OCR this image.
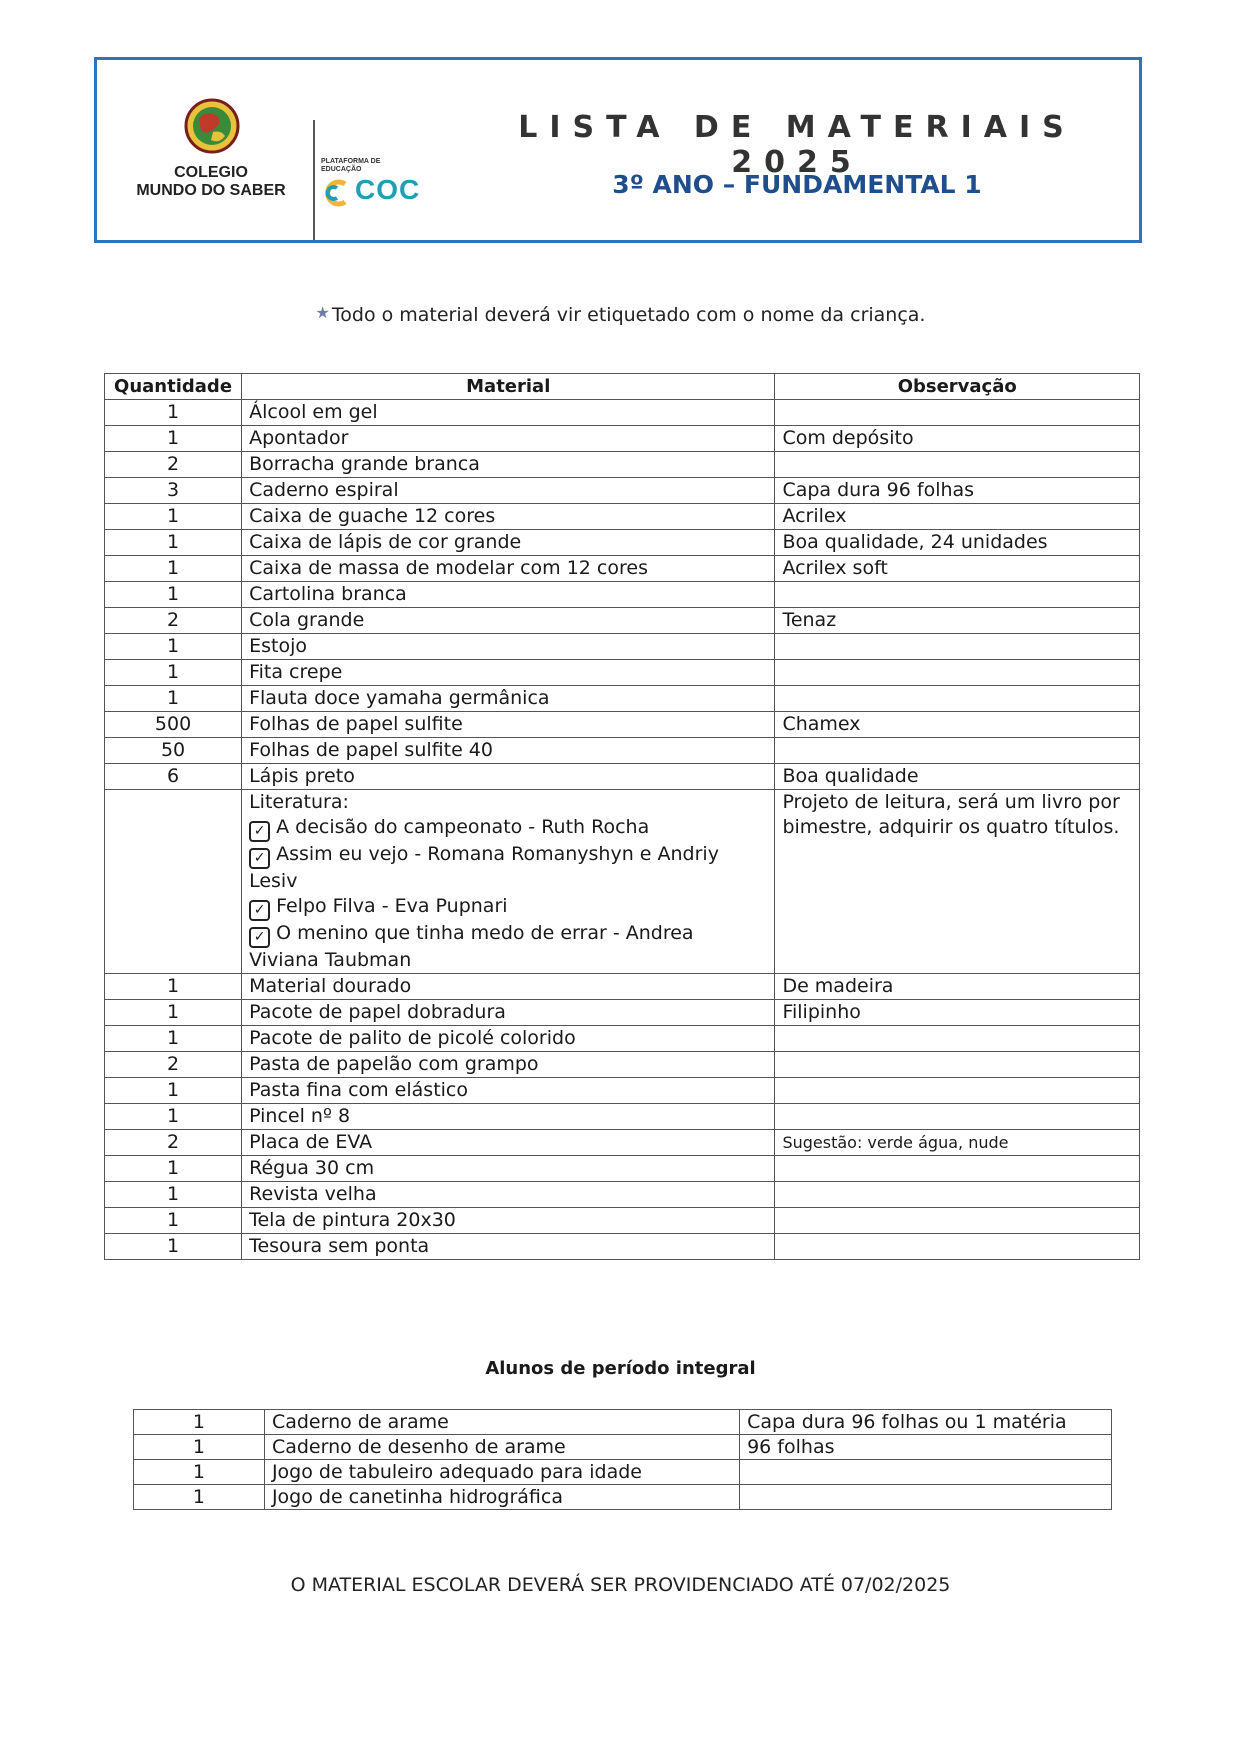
COLEGIO
MUNDO DO SABER
PLATAFORMA DE EDUCAÇÃO
COC
LISTA DE MATERIAIS 2025
3º ANO – FUNDAMENTAL 1
★ Todo o material deverá vir etiquetado com o nome da criança.
Quantidade	Material	Observação
1	Álcool em gel	
1	Apontador	Com depósito
2	Borracha grande branca	
3	Caderno espiral	Capa dura 96 folhas
1	Caixa de guache 12 cores	Acrilex
1	Caixa de lápis de cor grande	Boa qualidade, 24 unidades
1	Caixa de massa de modelar com 12 cores	Acrilex soft
1	Cartolina branca	
2	Cola grande	Tenaz
1	Estojo	
1	Fita crepe	
1	Flauta doce yamaha germânica	
500	Folhas de papel sulfite	Chamex
50	Folhas de papel sulfite 40	
6	Lápis preto	Boa qualidade

	Literatura:
✓ A decisão do campeonato - Ruth Rocha
✓ Assim eu vejo - Romana Romanyshyn e Andriy Lesiv
✓ Felpo Filva - Eva Pupnari
✓ O menino que tinha medo de errar - Andrea Viviana Taubman	Projeto de leitura, será um livro por bimestre, adquirir os quatro títulos.
1	Material dourado	De madeira
1	Pacote de papel dobradura	Filipinho
1	Pacote de palito de picolé colorido	
2	Pasta de papelão com grampo	
1	Pasta fina com elástico	
1	Pincel nº 8	
2	Placa de EVA	Sugestão: verde água, nude
1	Régua 30 cm	
1	Revista velha	
1	Tela de pintura 20x30	
1	Tesoura sem ponta	
Alunos de período integral
1	Caderno de arame	Capa dura 96 folhas ou 1 matéria
1	Caderno de desenho de arame	96 folhas
1	Jogo de tabuleiro adequado para idade	
1	Jogo de canetinha hidrográfica	
O MATERIAL ESCOLAR DEVERÁ SER PROVIDENCIADO ATÉ 07/02/2025
